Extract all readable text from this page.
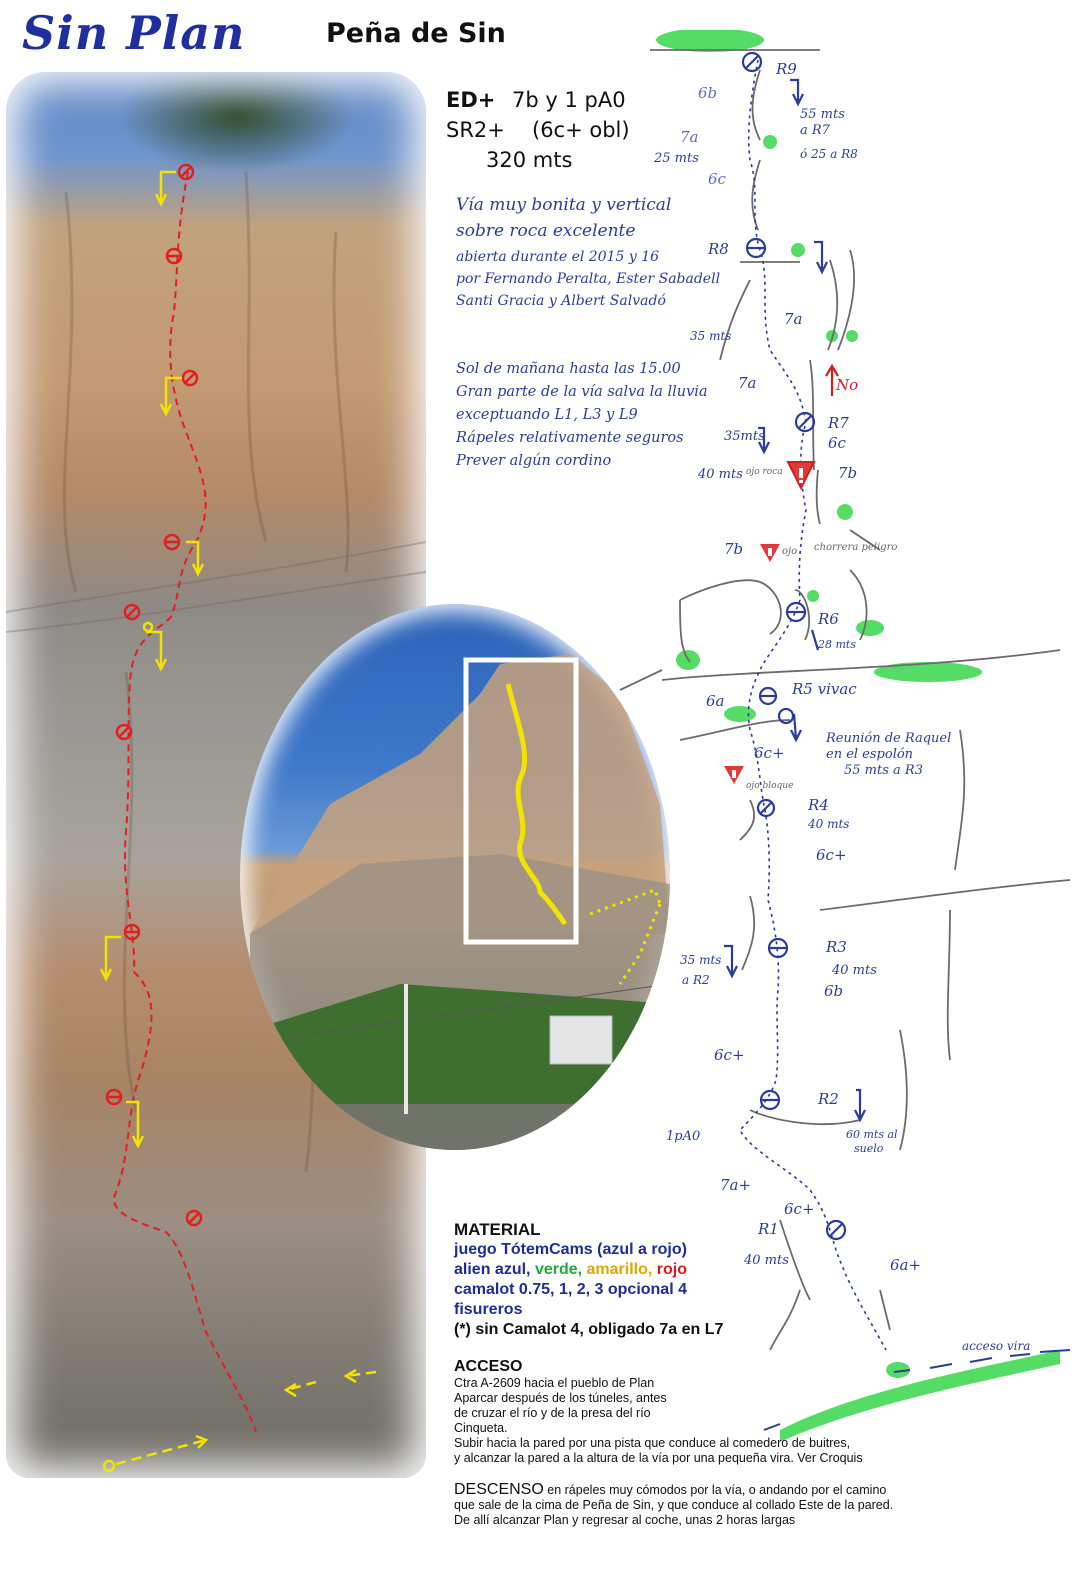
Sin Plan	Peña de Sin
ED+ 7b y 1 pA0
SR2+ (6c+ obl)
320 mts
Vía muy bonita y vertical
sobre roca excelente
abierta durante el 2015 y 16
por Fernando Peralta, Ester Sabadell
Santi Gracia y Albert Salvadó
Sol de mañana hasta las 15.00
Gran parte de la vía salva la lluvia
exceptuando L1, L3 y L9
Rápeles relativamente seguros
Prever algún cordino
R9
55 mts
a R7
ó 25 a R8
6b
7a
25 mts
6c
R8
35 mts
7a
7a	No
R7
35mts	6c
40 mts ojo roca	7b
7b	ojo chorrera peligro
R6
28 mts
6a
R5 vivac
Reunión de Raquel
en el espolón
55 mts a R3
6c+
ojo bloque
R4
40 mts
6c+
R3
35 mts
a R2
40 mts
6b
6c+
R2
60 mts al
suelo
1pA0
7a+
6c+
R1
40 mts	6a+
acceso vira
MATERIAL
juego TótemCams (azul a rojo)
alien azul, verde, amarillo, rojo
camalot 0.75, 1, 2, 3 opcional 4
fisureros
(*) sin Camalot 4, obligado 7a en L7
ACCESO
Ctra A-2609 hacia el pueblo de Plan
Aparcar después de los túneles, antes
de cruzar el río y de la presa del río
Cinqueta.
Subir hacia la pared por una pista que conduce al comedero de buitres,
y alcanzar la pared a la altura de la vía por una pequeña vira. Ver Croquis
DESCENSO en rápeles muy cómodos por la vía, o andando por el camino
que sale de la cima de Peña de Sin, y que conduce al collado Este de la pared.
De allí alcanzar Plan y regresar al coche, unas 2 horas largas
